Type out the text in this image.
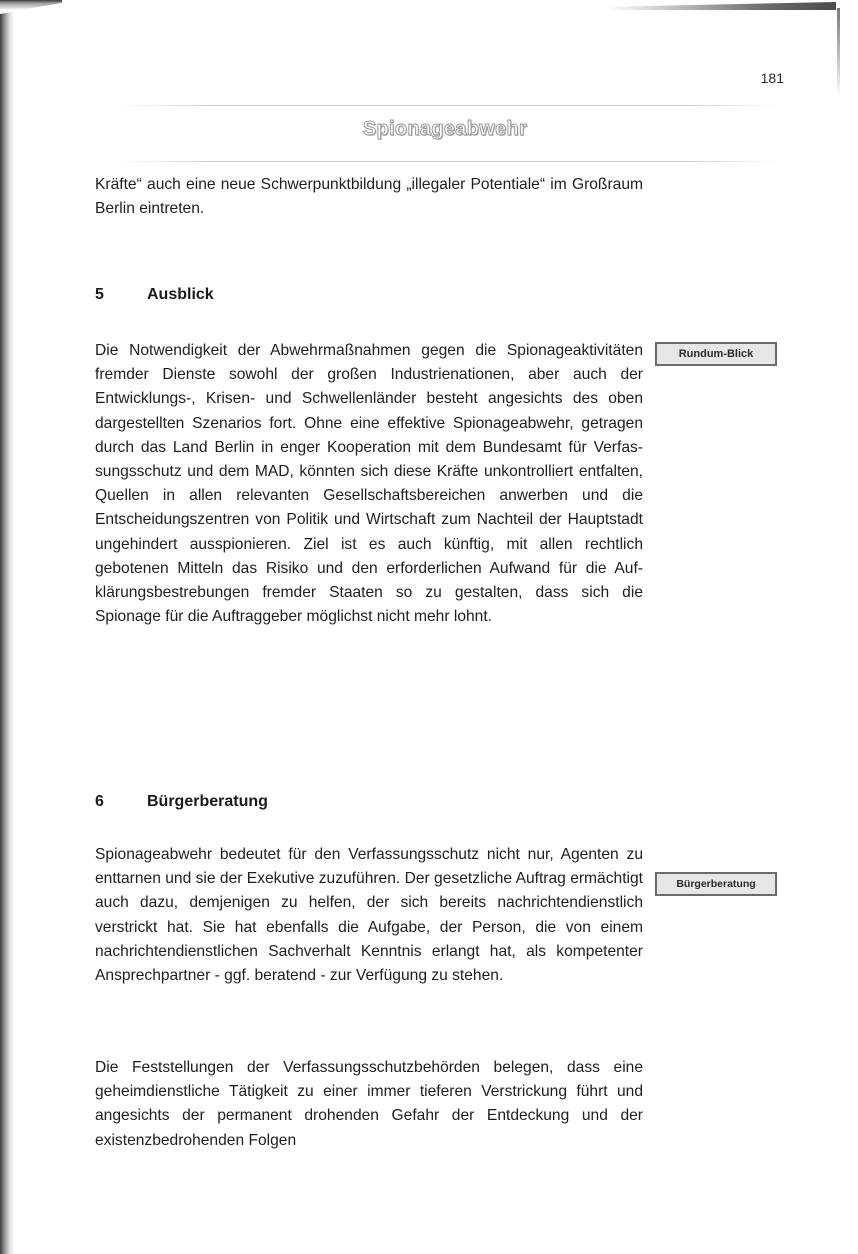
181
Spionageabwehr

Kräfte“ auch eine neue Schwerpunktbildung „illegaler Potentiale“ im Großraum Berlin eintreten.

5	Ausblick

Die Notwendigkeit der Abwehrmaßnahmen gegen die Spionageaktivitäten fremder Dienste sowohl der großen Industrienationen, aber auch der Entwicklungs-, Krisen- und Schwellenländer besteht angesichts des oben dargestellten Szenarios fort. Ohne eine effektive Spionageabwehr, getragen durch das Land Berlin in enger Kooperation mit dem Bundesamt für Verfassungsschutz und dem MAD, könnten sich diese Kräfte unkontrolliert entfalten, Quellen in allen relevanten Gesellschaftsbereichen anwerben und die Entscheidungszentren von Politik und Wirtschaft zum Nachteil der Hauptstadt ungehindert ausspionieren. Ziel ist es auch künftig, mit allen rechtlich gebotenen Mitteln das Risiko und den erforderlichen Aufwand für die Aufklärungsbestrebungen fremder Staaten so zu gestalten, dass sich die Spionage für die Auftraggeber möglichst nicht mehr lohnt.

Rundum-Blick
6	Bürgerberatung

Spionageabwehr bedeutet für den Verfassungsschutz nicht nur, Agenten zu enttarnen und sie der Exekutive zuzuführen. Der gesetzliche Auftrag ermächtigt auch dazu, demjenigen zu helfen, der sich bereits nachrichtendienstlich verstrickt hat. Sie hat ebenfalls die Aufgabe, der Person, die von einem nachrichtendienstlichen Sachverhalt Kenntnis erlangt hat, als kompetenter Ansprechpartner - ggf. beratend - zur Verfügung zu stehen.

Bürgerberatung

Die Feststellungen der Verfassungsschutzbehörden belegen, dass eine geheimdienstliche Tätigkeit zu einer immer tieferen Verstrickung führt und angesichts der permanent drohenden Gefahr der Entdeckung und der existenzbedrohenden Folgen
